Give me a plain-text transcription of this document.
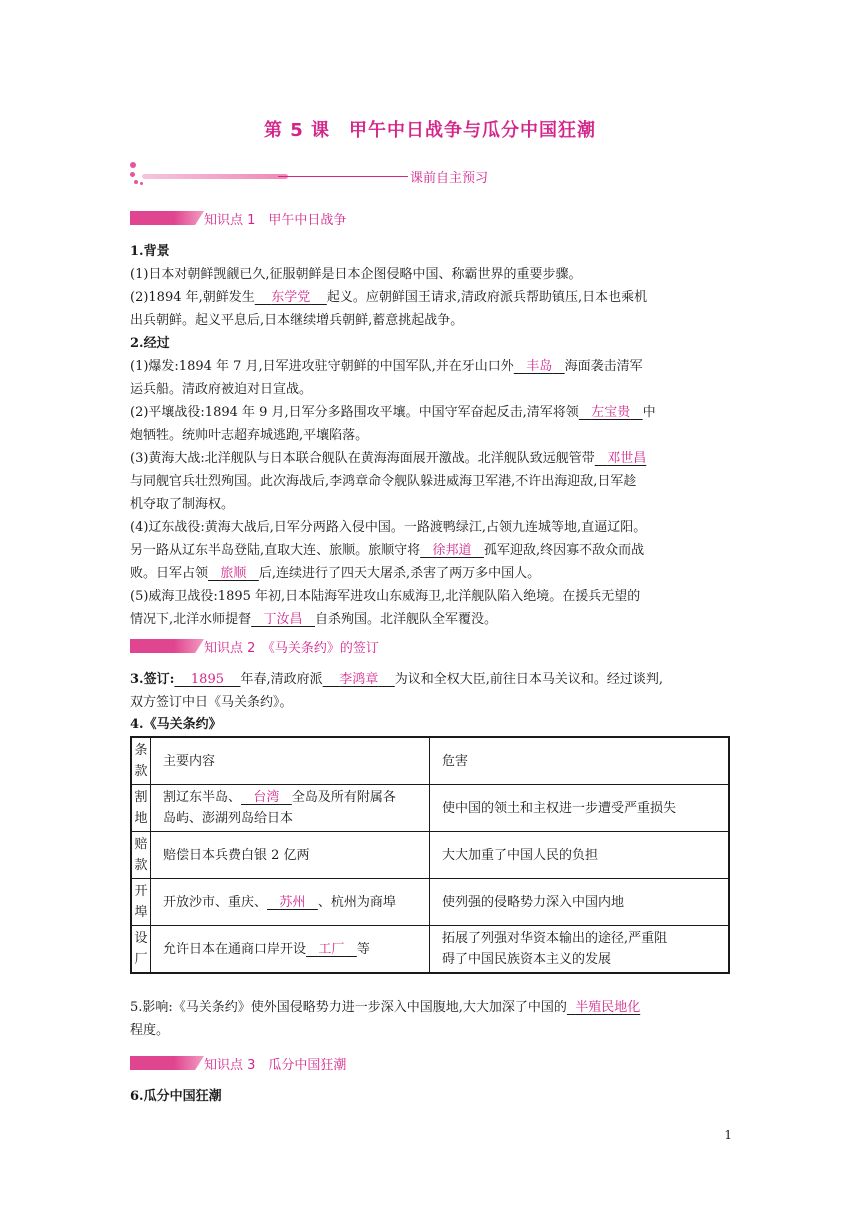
第 5 课　甲午中日战争与瓜分中国狂潮
课前自主预习
知识点 1　甲午中日战争
1.背景
(1)日本对朝鲜觊觎已久,征服朝鲜是日本企图侵略中国、称霸世界的重要步骤。
(2)1894 年,朝鲜发生 东学党 起义。应朝鲜国王请求,清政府派兵帮助镇压,日本也乘机
出兵朝鲜。起义平息后,日本继续增兵朝鲜,蓄意挑起战争。
2.经过
(1)爆发:1894 年 7 月,日军进攻驻守朝鲜的中国军队,并在牙山口外 丰岛 海面袭击清军
运兵船。清政府被迫对日宣战。
(2)平壤战役:1894 年 9 月,日军分多路围攻平壤。中国守军奋起反击,清军将领 左宝贵 中
炮牺牲。统帅叶志超弃城逃跑,平壤陷落。
(3)黄海大战:北洋舰队与日本联合舰队在黄海海面展开激战。北洋舰队致远舰管带 邓世昌
与同舰官兵壮烈殉国。此次海战后,李鸿章命令舰队躲进威海卫军港,不许出海迎敌,日军趁
机夺取了制海权。
(4)辽东战役:黄海大战后,日军分两路入侵中国。一路渡鸭绿江,占领九连城等地,直逼辽阳。
另一路从辽东半岛登陆,直取大连、旅顺。旅顺守将 徐邦道 孤军迎敌,终因寡不敌众而战
败。日军占领 旅顺 后,连续进行了四天大屠杀,杀害了两万多中国人。
(5)威海卫战役:1895 年初,日本陆海军进攻山东威海卫,北洋舰队陷入绝境。在援兵无望的
情况下,北洋水师提督 丁汝昌 自杀殉国。北洋舰队全军覆没。
知识点 2　《马关条约》的签订
3.签订: 1895 年春,清政府派 李鸿章 为议和全权大臣,前往日本马关议和。经过谈判,
双方签订中日《马关条约》。
4.《马关条约》
条款	主要内容	危害
割地	割辽东半岛、 台湾 全岛及所有附属各
岛屿、澎湖列岛给日本	使中国的领土和主权进一步遭受严重损失
赔款	赔偿日本兵费白银 2 亿两	大大加重了中国人民的负担
开埠	开放沙市、重庆、 苏州 、杭州为商埠	使列强的侵略势力深入中国内地
设厂	允许日本在通商口岸开设 工厂 等	拓展了列强对华资本输出的途径,严重阻
碍了中国民族资本主义的发展
5.影响:《马关条约》使外国侵略势力进一步深入中国腹地,大大加深了中国的 半殖民地化
程度。
知识点 3　瓜分中国狂潮
6.瓜分中国狂潮
1
